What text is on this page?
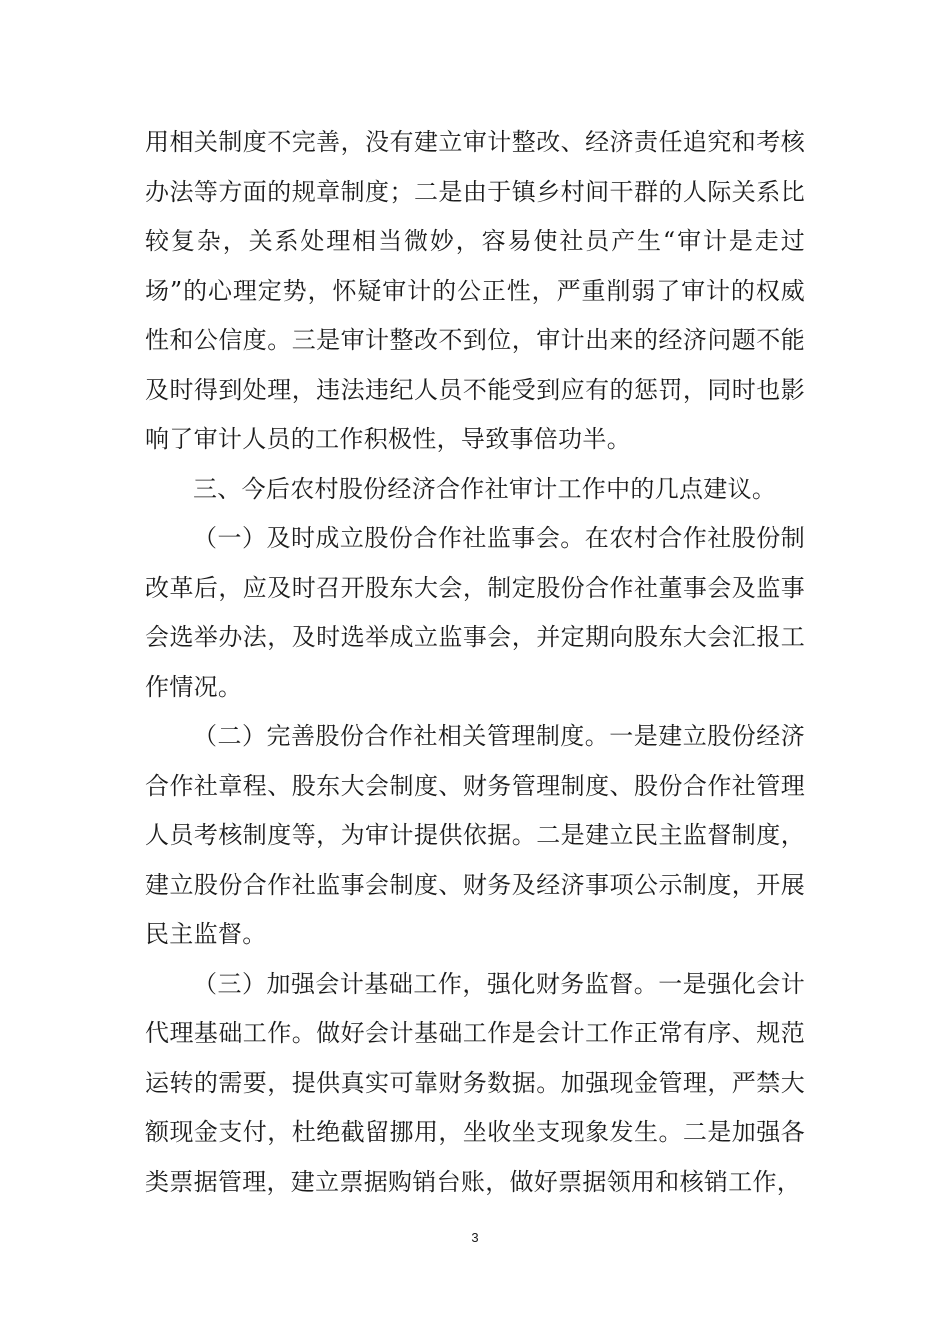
用相关制度不完善，没有建立审计整改、经济责任追究和考核办法等方面的规章制度；二是由于镇乡村间干群的人际关系比较复杂，关系处理相当微妙，容易使社员产生“审计是走过场”的心理定势，怀疑审计的公正性，严重削弱了审计的权威性和公信度。三是审计整改不到位，审计出来的经济问题不能及时得到处理，违法违纪人员不能受到应有的惩罚，同时也影响了审计人员的工作积极性，导致事倍功半。

三、今后农村股份经济合作社审计工作中的几点建议。

（一）及时成立股份合作社监事会。在农村合作社股份制改革后，应及时召开股东大会，制定股份合作社董事会及监事会选举办法，及时选举成立监事会，并定期向股东大会汇报工作情况。

（二）完善股份合作社相关管理制度。一是建立股份经济合作社章程、股东大会制度、财务管理制度、股份合作社管理人员考核制度等，为审计提供依据。二是建立民主监督制度，建立股份合作社监事会制度、财务及经济事项公示制度，开展民主监督。

（三）加强会计基础工作，强化财务监督。一是强化会计代理基础工作。做好会计基础工作是会计工作正常有序、规范运转的需要，提供真实可靠财务数据。加强现金管理，严禁大额现金支付，杜绝截留挪用，坐收坐支现象发生。二是加强各类票据管理，建立票据购销台账，做好票据领用和核销工作，

3
